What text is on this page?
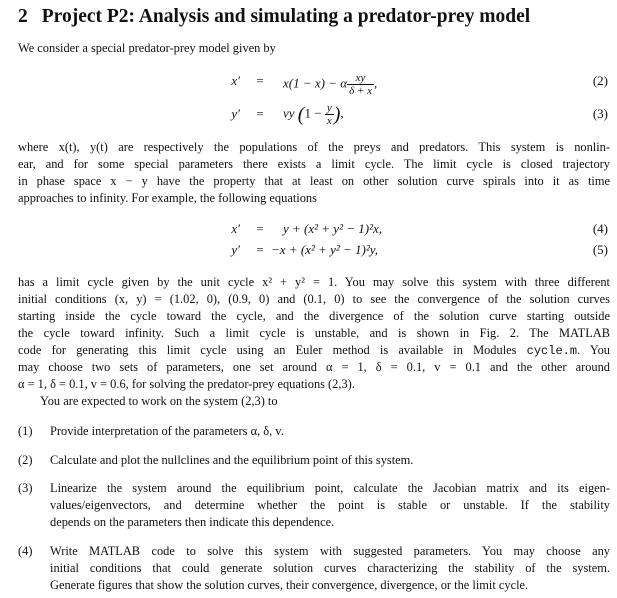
2 Project P2: Analysis and simulating a predator-prey model
We consider a special predator-prey model given by
x′ = x(1 − x) − α $\frac{xy}{\delta + x}$ ,	(2)
y′ = vy ($1 - \frac{y}{x}$ ),	(3)
where x(t), y(t) are respectively the populations of the preys and predators. This system is nonlin-
ear, and for some special parameters there exists a limit cycle. The limit cycle is closed trajectory
in phase space x − y have the property that at least on other solution curve spirals into it as time
approaches to infinity. For example, the following equations
x′ = y + (x² + y² − 1)²x,	(4)
y′ = −x + (x² + y² − 1)²y,	(5)
has a limit cycle given by the unit cycle x² + y² = 1. You may solve this system with three different
initial conditions (x, y) = (1.02, 0), (0.9, 0) and (0.1, 0) to see the convergence of the solution curves
starting inside the cycle toward the cycle, and the divergence of the solution curve starting outside
the cycle toward infinity. Such a limit cycle is unstable, and is shown in Fig. 2. The MATLAB
code for generating this limit cycle using an Euler method is available in Modules cycle.m. You
may choose two sets of parameters, one set around α = 1, δ = 0.1, v = 0.1 and the other around
α = 1, δ = 0.1, v = 0.6, for solving the predator-prey equations (2,3).
You are expected to work on the system (2,3) to
(1)	Provide interpretation of the parameters α, δ, v.
(2)	Calculate and plot the nullclines and the equilibrium point of this system.
(3)	Linearize the system around the equilibrium point, calculate the Jacobian matrix and its eigen-
values/eigenvectors, and determine whether the point is stable or unstable. If the stability
depends on the parameters then indicate this dependence.
(4)	Write MATLAB code to solve this system with suggested parameters. You may choose any
initial conditions that could generate solution curves characterizing the stability of the system.
Generate figures that show the solution curves, their convergence, divergence, or the limit cycle.
